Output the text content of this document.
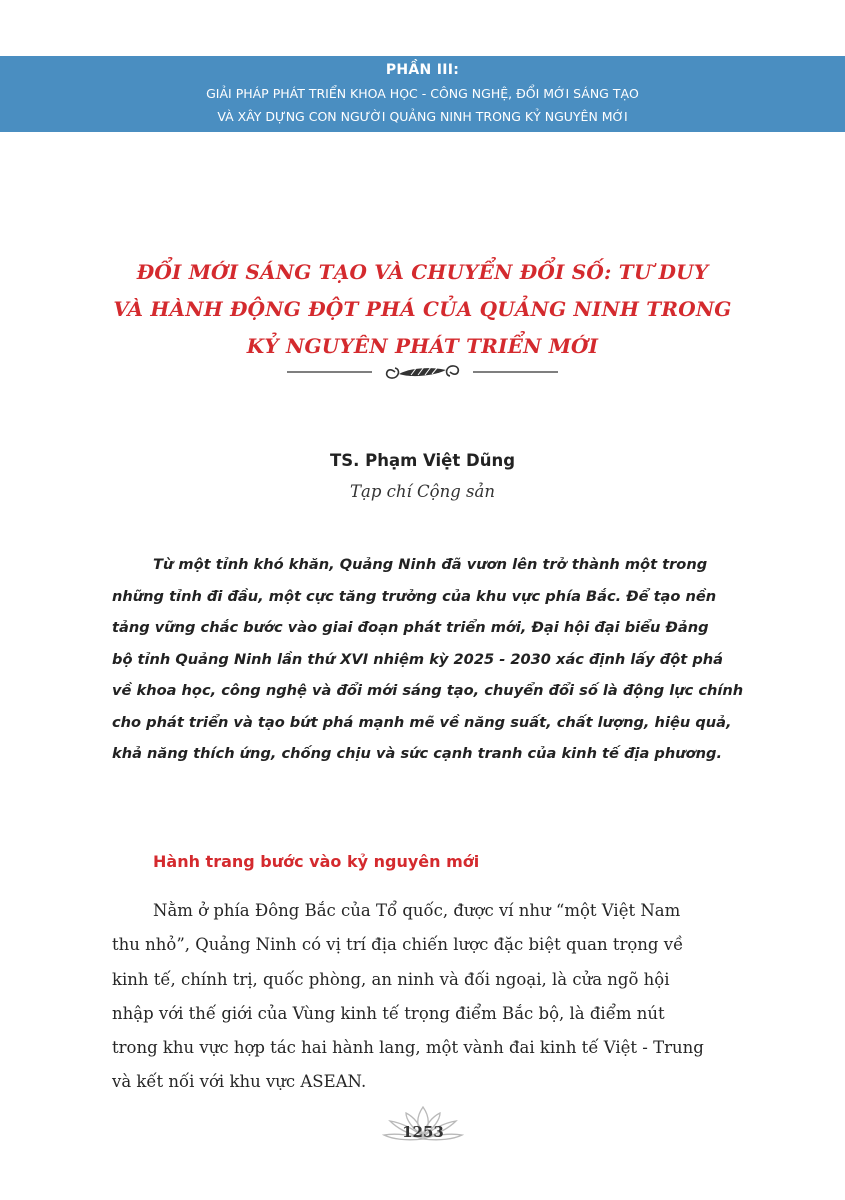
PHẦN III:
GIẢI PHÁP PHÁT TRIỂN KHOA HỌC - CÔNG NGHỆ, ĐỔI MỚI SÁNG TẠO
VÀ XÂY DỰNG CON NGƯỜI QUẢNG NINH TRONG KỶ NGUYÊN MỚI
ĐỔI MỚI SÁNG TẠO VÀ CHUYỂN ĐỔI SỐ: TƯ DUY
VÀ HÀNH ĐỘNG ĐỘT PHÁ CỦA QUẢNG NINH TRONG
KỶ NGUYÊN PHÁT TRIỂN MỚI
TS. Phạm Việt Dũng
Tạp chí Cộng sản
Từ một tỉnh khó khăn, Quảng Ninh đã vươn lên trở thành một trong
những tỉnh đi đầu, một cực tăng trưởng của khu vực phía Bắc. Để tạo nền
tảng vững chắc bước vào giai đoạn phát triển mới, Đại hội đại biểu Đảng
bộ tỉnh Quảng Ninh lần thứ XVI nhiệm kỳ 2025 - 2030 xác định lấy đột phá
về khoa học, công nghệ và đổi mới sáng tạo, chuyển đổi số là động lực chính
cho phát triển và tạo bứt phá mạnh mẽ về năng suất, chất lượng, hiệu quả,
khả năng thích ứng, chống chịu và sức cạnh tranh của kinh tế địa phương.
Hành trang bước vào kỷ nguyên mới
Nằm ở phía Đông Bắc của Tổ quốc, được ví như “một Việt Nam
thu nhỏ”, Quảng Ninh có vị trí địa chiến lược đặc biệt quan trọng về
kinh tế, chính trị, quốc phòng, an ninh và đối ngoại, là cửa ngõ hội
nhập với thế giới của Vùng kinh tế trọng điểm Bắc bộ, là điểm nút
trong khu vực hợp tác hai hành lang, một vành đai kinh tế Việt - Trung
và kết nối với khu vực ASEAN.
1253
